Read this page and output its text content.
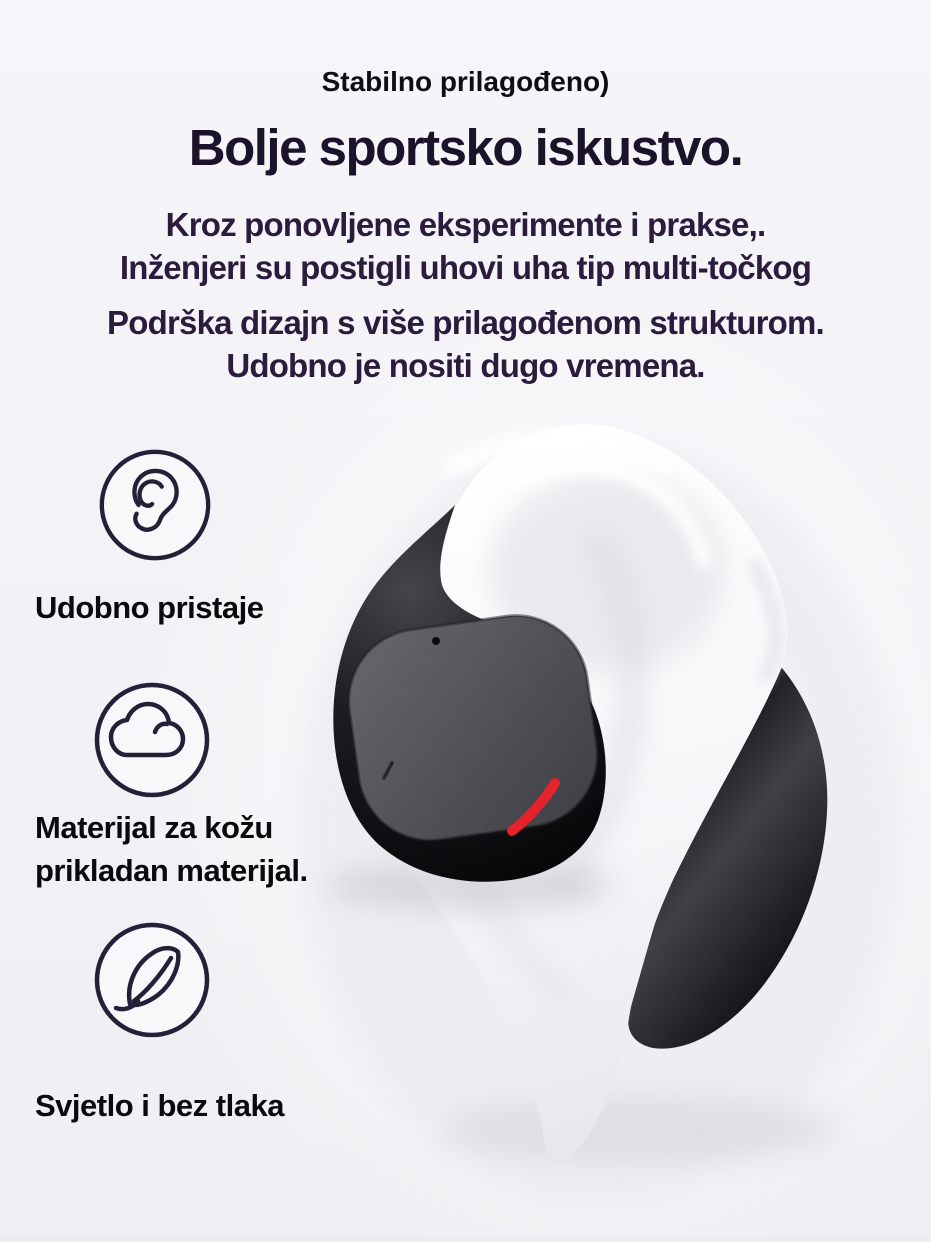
Stabilno prilagođeno)
Bolje sportsko iskustvo.
Kroz ponovljene eksperimente i prakse,.
Inženjeri su postigli uhovi uha tip multi-točkog
Podrška dizajn s više prilagođenom strukturom.
Udobno je nositi dugo vremena.
Udobno pristaje
Materijal za kožu
prikladan materijal.
Svjetlo i bez tlaka
